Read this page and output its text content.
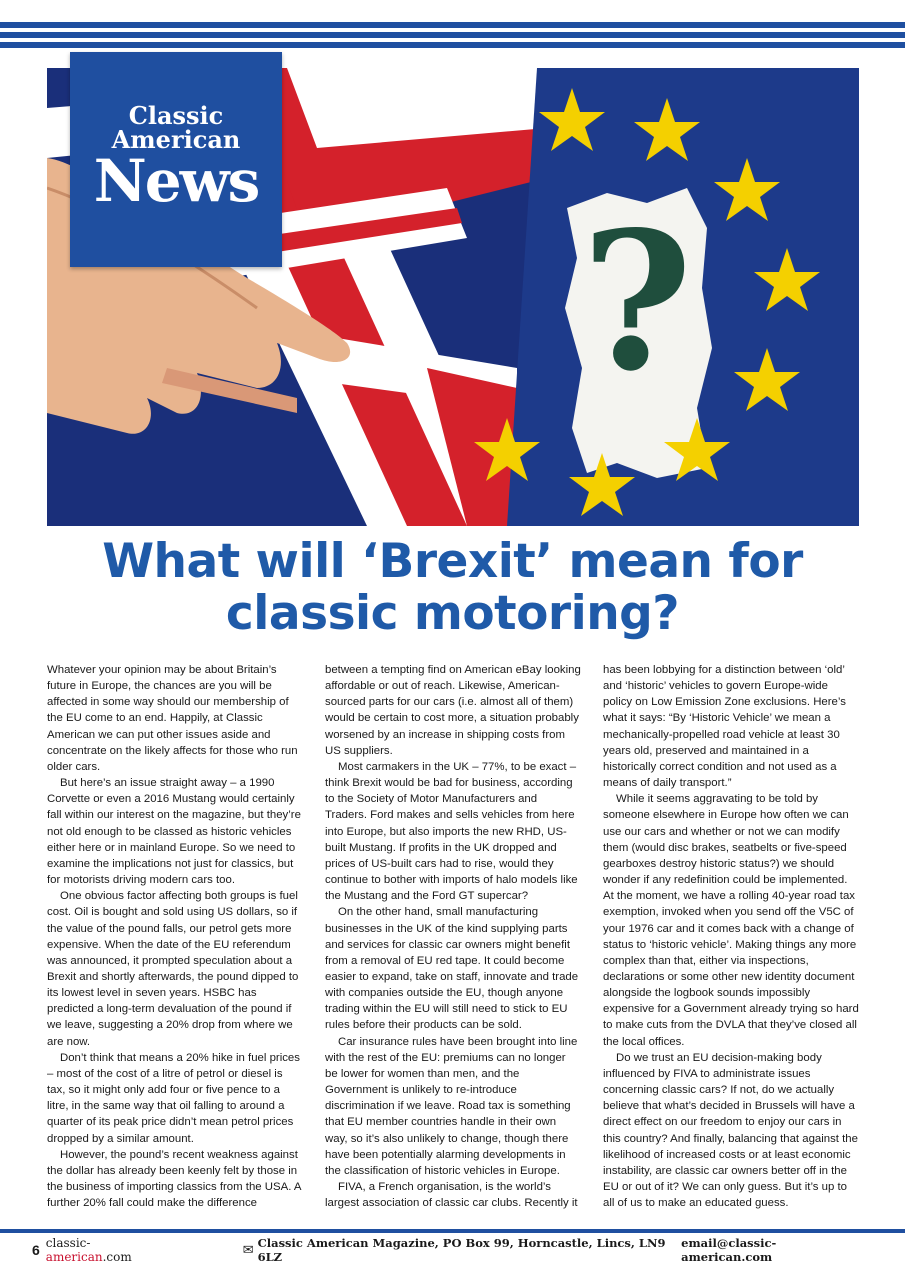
?
Classic
American
News
What will ‘Brexit’ mean for
classic motoring?

Whatever your opinion may be about Britain’s future in Europe, the chances are you will be affected in some way should our membership of the EU come to an end. Happily, at Classic American we can put other issues aside and concentrate on the likely affects for those who run older cars.

But here’s an issue straight away – a 1990 Corvette or even a 2016 Mustang would certainly fall within our interest on the magazine, but they’re not old enough to be classed as historic vehicles either here or in mainland Europe. So we need to examine the implications not just for classics, but for motorists driving modern cars too.

One obvious factor affecting both groups is fuel cost. Oil is bought and sold using US dollars, so if the value of the pound falls, our petrol gets more expensive. When the date of the EU referendum was announced, it prompted speculation about a Brexit and shortly afterwards, the pound dipped to its lowest level in seven years. HSBC has predicted a long-term devaluation of the pound if we leave, suggesting a 20% drop from where we are now.

Don’t think that means a 20% hike in fuel prices – most of the cost of a litre of petrol or diesel is tax, so it might only add four or five pence to a litre, in the same way that oil falling to around a quarter of its peak price didn’t mean petrol prices dropped by a similar amount.

However, the pound’s recent weakness against the dollar has already been keenly felt by those in the business of importing classics from the USA. A further 20% fall could make the difference

between a tempting find on American eBay looking affordable or out of reach. Likewise, American-sourced parts for our cars (i.e. almost all of them) would be certain to cost more, a situation probably worsened by an increase in shipping costs from US suppliers.

Most carmakers in the UK – 77%, to be exact – think Brexit would be bad for business, according to the Society of Motor Manufacturers and Traders. Ford makes and sells vehicles from here into Europe, but also imports the new RHD, US-built Mustang. If profits in the UK dropped and prices of US-built cars had to rise, would they continue to bother with imports of halo models like the Mustang and the Ford GT supercar?

On the other hand, small manufacturing businesses in the UK of the kind supplying parts and services for classic car owners might benefit from a removal of EU red tape. It could become easier to expand, take on staff, innovate and trade with companies outside the EU, though anyone trading within the EU will still need to stick to EU rules before their products can be sold.

Car insurance rules have been brought into line with the rest of the EU: premiums can no longer be lower for women than men, and the Government is unlikely to re-introduce discrimination if we leave. Road tax is something that EU member countries handle in their own way, so it’s also unlikely to change, though there have been potentially alarming developments in the classification of historic vehicles in Europe.

FIVA, a French organisation, is the world’s largest association of classic car clubs. Recently it

has been lobbying for a distinction between ‘old’ and ‘historic’ vehicles to govern Europe-wide policy on Low Emission Zone exclusions. Here’s what it says: “By ‘Historic Vehicle’ we mean a mechanically-propelled road vehicle at least 30 years old, preserved and maintained in a historically correct condition and not used as a means of daily transport.”

While it seems aggravating to be told by someone elsewhere in Europe how often we can use our cars and whether or not we can modify them (would disc brakes, seatbelts or five-speed gearboxes destroy historic status?) we should wonder if any redefinition could be implemented. At the moment, we have a rolling 40-year road tax exemption, invoked when you send off the V5C of your 1976 car and it comes back with a change of status to ‘historic vehicle’. Making things any more complex than that, either via inspections, declarations or some other new identity document alongside the logbook sounds impossibly expensive for a Government already trying so hard to make cuts from the DVLA that they’ve closed all the local offices.

Do we trust an EU decision-making body influenced by FIVA to administrate issues concerning classic cars? If not, do we actually believe that what’s decided in Brussels will have a direct effect on our freedom to enjoy our cars in this country? And finally, balancing that against the likelihood of increased costs or at least economic instability, are classic car owners better off in the EU or out of it? We can only guess. But it’s up to all of us to make an educated guess.

6 classic-american.com	✉ Classic American Magazine, PO Box 99, Horncastle, Lincs, LN9 6LZ
email@classic-american.com
